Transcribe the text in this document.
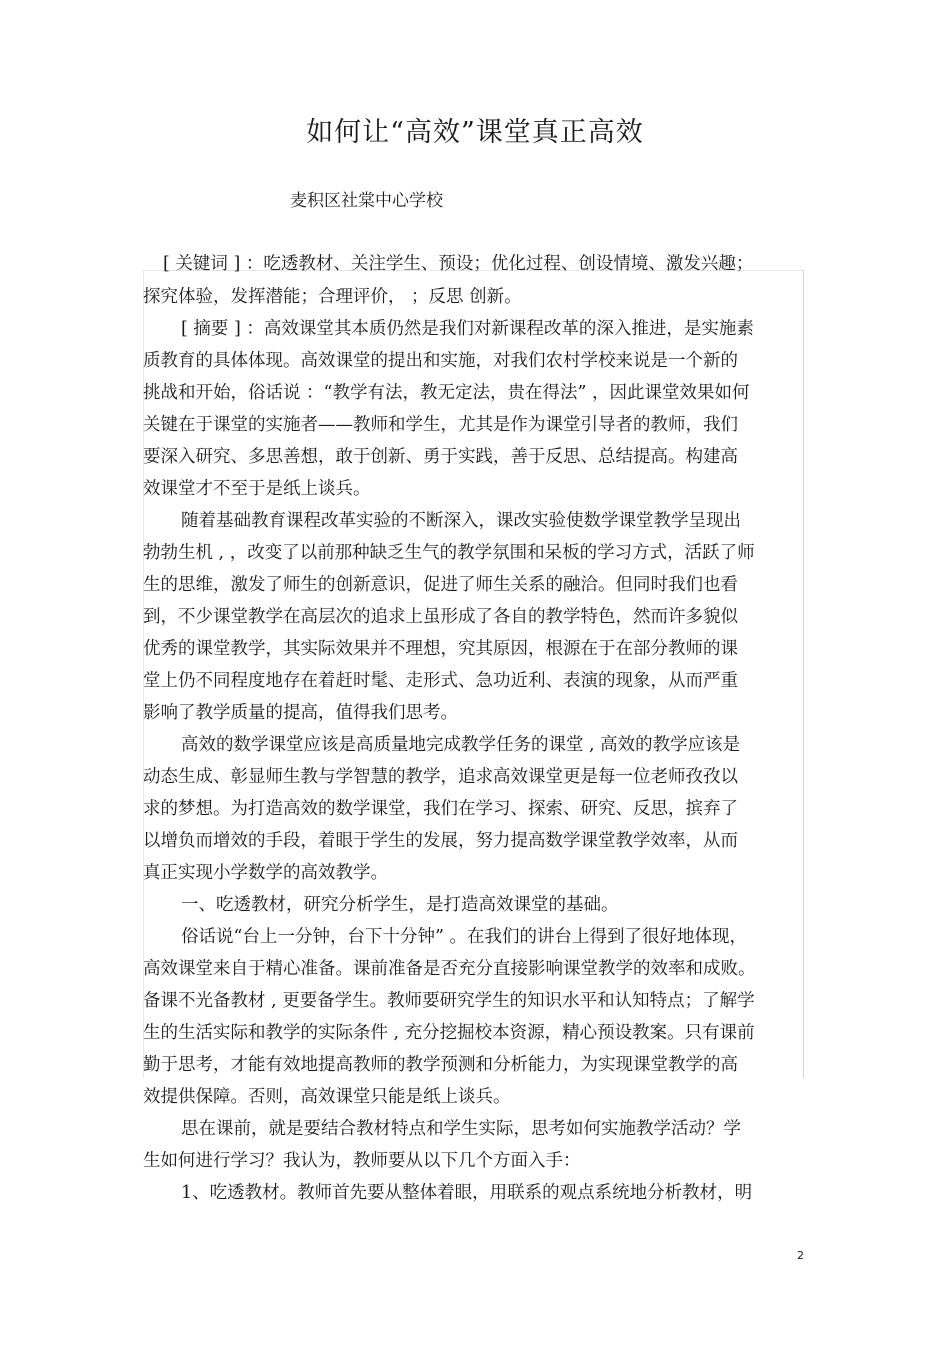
如何让“高效”课堂真正高效
麦积区社棠中心学校
[ 关键词 ] ：吃透教材、关注学生、预设；优化过程、创设情境、激发兴趣；
探究体验，发挥潜能；合理评价， ；反思 创新。
[ 摘要 ] ：高效课堂其本质仍然是我们对新课程改革的深入推进，是实施素
质教育的具体体现。高效课堂的提出和实施，对我们农村学校来说是一个新的
挑战和开始，俗话说 ：“教学有法，教无定法，贵在得法” ，因此课堂效果如何
关键在于课堂的实施者——教师和学生，尤其是作为课堂引导者的教师，我们
要深入研究、多思善想，敢于创新、勇于实践，善于反思、总结提高。构建高
效课堂才不至于是纸上谈兵。
随着基础教育课程改革实验的不断深入，课改实验使数学课堂教学呈现出
勃勃生机 , ，改变了以前那种缺乏生气的教学氛围和呆板的学习方式，活跃了师
生的思维，激发了师生的创新意识，促进了师生关系的融洽。但同时我们也看
到，不少课堂教学在高层次的追求上虽形成了各自的教学特色，然而许多貌似
优秀的课堂教学，其实际效果并不理想，究其原因，根源在于在部分教师的课
堂上仍不同程度地存在着赶时髦、走形式、急功近利、表演的现象，从而严重
影响了教学质量的提高，值得我们思考。
高效的数学课堂应该是高质量地完成教学任务的课堂 , 高效的教学应该是
动态生成、彰显师生教与学智慧的教学，追求高效课堂更是每一位老师孜孜以
求的梦想。为打造高效的数学课堂，我们在学习、探索、研究、反思，摈弃了
以增负而增效的手段，着眼于学生的发展，努力提高数学课堂教学效率，从而
真正实现小学数学的高效教学。
一、吃透教材，研究分析学生，是打造高效课堂的基础。
俗话说“台上一分钟，台下十分钟” 。在我们的讲台上得到了很好地体现，
高效课堂来自于精心准备。课前准备是否充分直接影响课堂教学的效率和成败。
备课不光备教材 , 更要备学生。教师要研究学生的知识水平和认知特点；了解学
生的生活实际和教学的实际条件 , 充分挖掘校本资源，精心预设教案。只有课前
勤于思考，才能有效地提高教师的教学预测和分析能力，为实现课堂教学的高
效提供保障。否则，高效课堂只能是纸上谈兵。
思在课前，就是要结合教材特点和学生实际，思考如何实施教学活动？学
生如何进行学习？我认为，教师要从以下几个方面入手：
1、吃透教材。教师首先要从整体着眼，用联系的观点系统地分析教材，明
2
